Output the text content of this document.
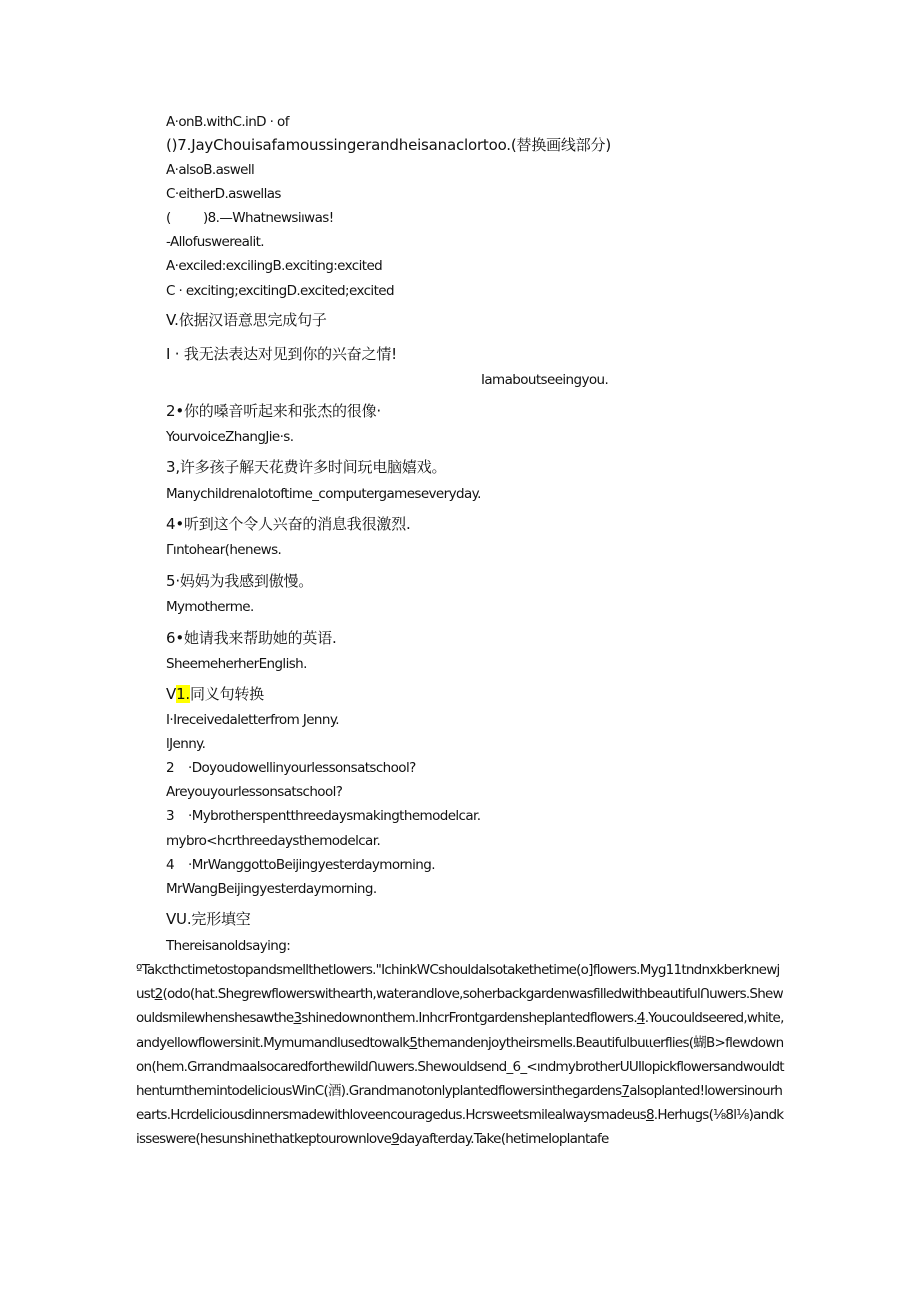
A·onB.withC.inD · of
()7.JayChouisafamoussingerandheisanaclortoo.(替换画线部分)
A·alsoB.aswell
C·eitherD.aswellas
( )8.—Whatnewsiıwas!
-Allofuswerealit.
A·exciled:excilingB.exciting:excited
C · exciting;excitingD.excited;excited
V.依据汉语意思完成句子
I · 我无法表达对见到你的兴奋之情!
Iamaboutseeingyou.
2•你的嗓音听起来和张杰的很像·
YourvoiceZhangJie·s.
3,许多孩子解天花费许多时间玩电脑嬉戏。
Manychildrenalotoftime_computergameseveryday.
4•听到这个令人兴奋的消息我很激烈.
Γıntohear(henews.
5·妈妈为我感到傲慢。
Mymotherme.
6•她请我来帮助她的英语.
SheemeherherEnglish.
V1.同义句转换
I·Ireceivedaletterfrom Jenny.
lJenny.
2 ·Doyoudowellinyourlessonsatschool?
Areyouyourlessonsatschool?
3 ·Mybrotherspentthreedaysmakingthemodelcar.
mybro<hcrthreedaysthemodelcar.
4 ·MrWanggottoBeijingyesterdaymorning.
MrWangBeijingyesterdaymorning.
VU.完形填空
Thereisanoldsaying:
ºTakcthctimetostopandsmellthetlowers."IchinkWCshouldalsotakethetime(o]flowers.Myg11tndnxkberknewjust2(odo(hat.Shegrewflowerswithearth,waterandlove,soherbackgardenwasfilledwithbeautifulՈuwers.Shewouldsmilewhenshesawthe3shinedownonthem.InhcrFrontgardensheplantedflowers.4.Youcouldseered,white,andyellowflowersinit.Mymumandlusedtowalk5themandenjoytheirsmells.Beautifulbuιιerflies(蝴B>flewdownon(hem.GrrandmaalsocaredforthewildՈuwers.Shewouldsend_6_<ındmybrotherUUIlopickflowersandwouldthenturnthemintodeliciousWinC(酒).Grandmanotonlyplantedflowersinthegardens7alsoplanted!lowersinourhearts.Hcrdeliciousdinnersmadewithloveencouragedus.Hcrsweetsmilealwaysmadeus8.Herhugs(⅛8l⅛)andkisseswere(hesunshinethatkeptourownlove9dayafterday.Take(hetimeIoplantafe
